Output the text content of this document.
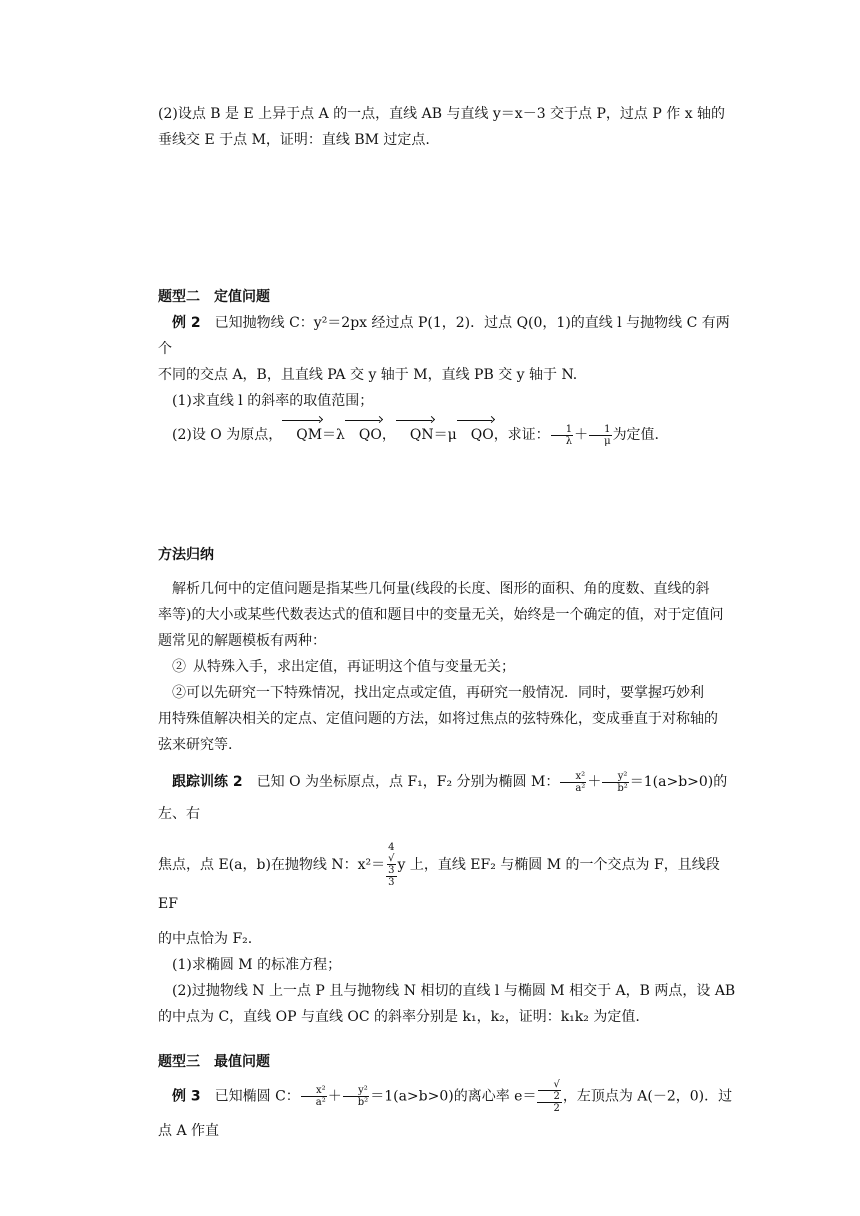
(2)设点 B 是 E 上异于点 A 的一点，直线 AB 与直线 y＝x－3 交于点 P，过点 P 作 x 轴的

垂线交 E 于点 M，证明：直线 BM 过定点.

题型二　定值问题

例 2　已知抛物线 C：y²＝2px 经过点 P(1，2)．过点 Q(0，1)的直线 l 与抛物线 C 有两个

不同的交点 A，B，且直线 PA 交 y 轴于 M，直线 PB 交 y 轴于 N.

(1)求直线 l 的斜率的取值范围；

(2)设 O 为原点， QM＝λ QO， QN＝μ QO，求证： $\frac{1}{\lambda} + \frac{1}{\mu}$ 为定值.

方法归纳

解析几何中的定值问题是指某些几何量(线段的长度、图形的面积、角的度数、直线的斜

率等)的大小或某些代数表达式的值和题目中的变量无关，始终是一个确定的值，对于定值问

题常见的解题模板有两种：

②  从特殊入手，求出定值，再证明这个值与变量无关；

②可以先研究一下特殊情况，找出定点或定值，再研究一般情况．同时，要掌握巧妙利

用特殊值解决相关的定点、定值问题的方法，如将过焦点的弦特殊化，变成垂直于对称轴的

弦来研究等.

跟踪训练 2　已知 O 为坐标原点，点 F₁，F₂ 分别为椭圆 M： $\frac{\text{x²}}{\text{a²}} + \frac{\text{y²}}{\text{b²}} =1(a>b>0)$的左、右

焦点，点 E(a，b)在抛物线 N：x²＝ 4
√
3
3 y 上，直线 EF₂ 与椭圆 M 的一个交点为 F，且线段 EF

的中点恰为 F₂.

(1)求椭圆 M 的标准方程；

(2)过抛物线 N 上一点 P 且与抛物线 N 相切的直线 l 与椭圆 M 相交于 A，B 两点，设 AB

的中点为 C，直线 OP 与直线 OC 的斜率分别是 k₁，k₂，证明：k₁k₂ 为定值.

题型三　最值问题

例 3　已知椭圆 C： $\frac{\text{x²}}{\text{a²}} + \frac{\text{y²}}{\text{b²}} =1(a>b>0)$的离心率 e＝ √
2
2 ，左顶点为 A(－2，0)．过点 A 作直
